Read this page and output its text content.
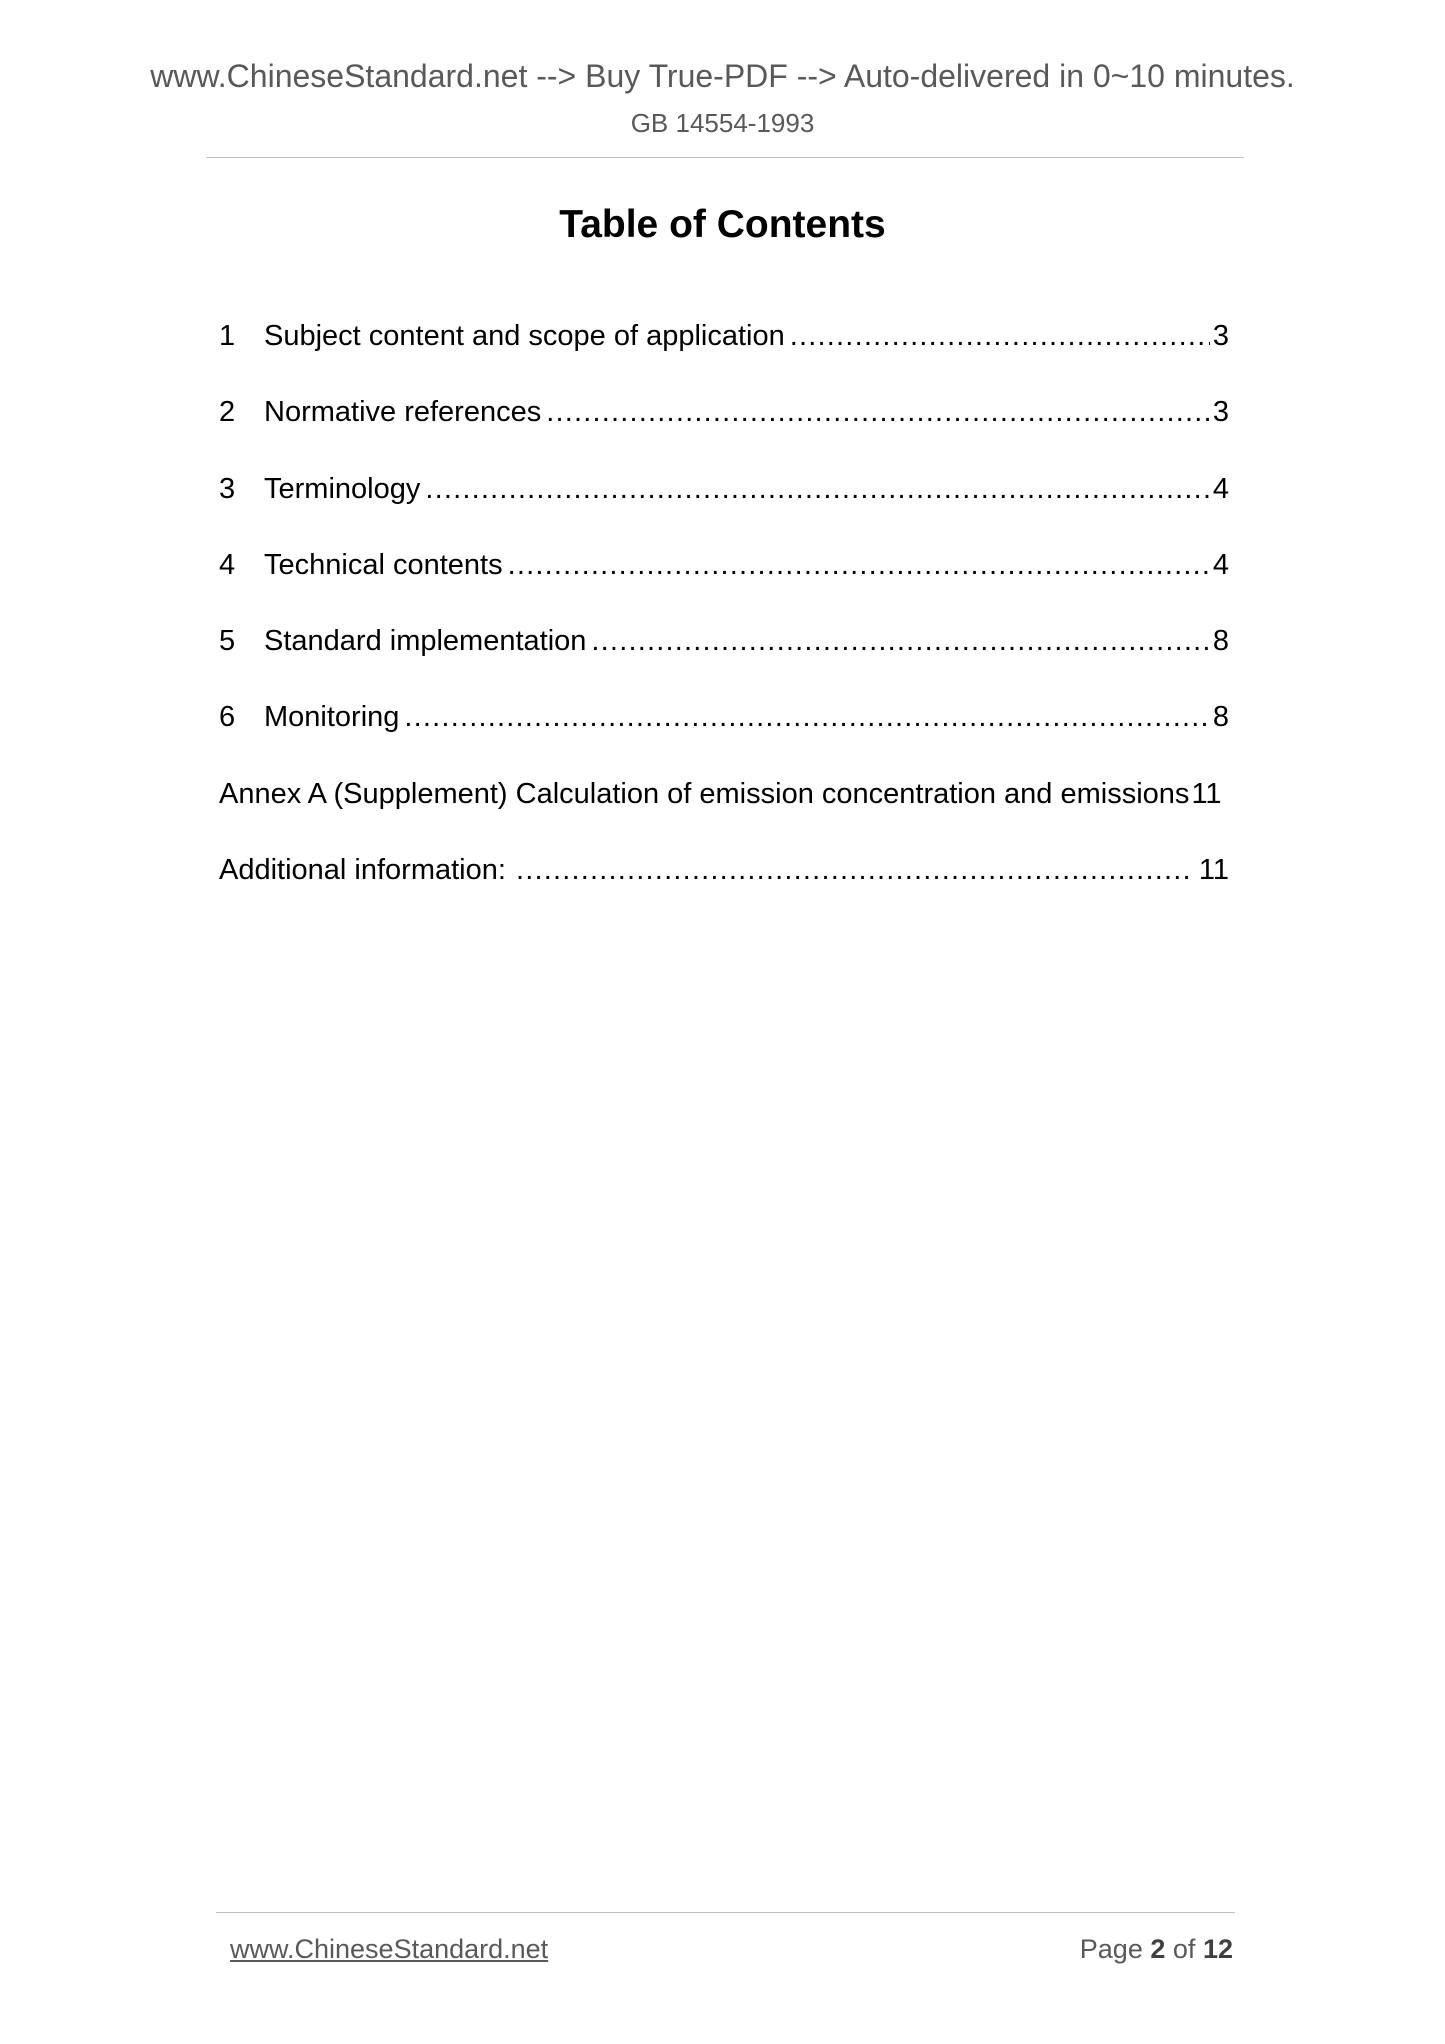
www.ChineseStandard.net --> Buy True-PDF --> Auto-delivered in 0~10 minutes.
GB 14554-1993
Table of Contents
1 Subject content and scope of application .....	3
2 Normative references .....	3
3 Terminology .....	4
4 Technical contents .....	4
5 Standard implementation .....	8
6 Monitoring .....	8
Annex A (Supplement) Calculation of emission concentration and emissions 11
Additional information: .....	11
www.ChineseStandard.net	Page 2 of 12
